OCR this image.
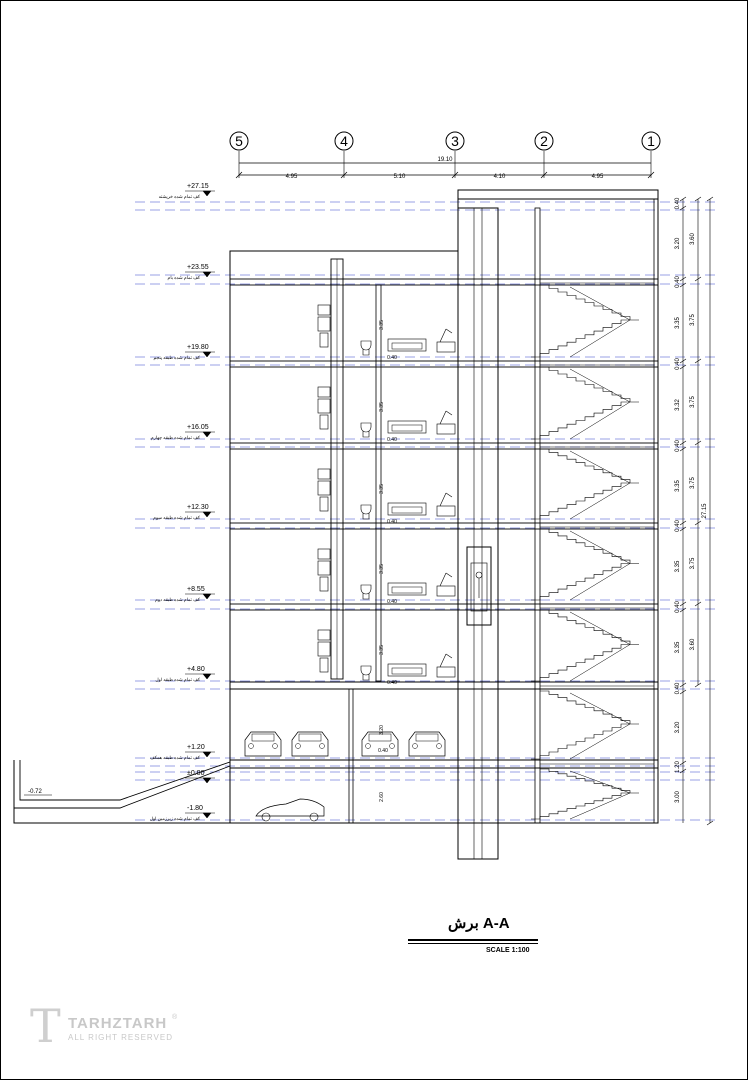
5	4	3	2	1
19.10
4.95	5.10	4.10	4.95
-0.72
3.35
0.40
3.35
0.40
3.35
0.40
3.35
0.40
3.35
0.40
0.40
3.20
2.60
+27.15
کف تمام شده خرپشته
+23.55
کف تمام شده بام
+19.80
کف تمام شده طبقه پنجم
+16.05
کف تمام شده طبقه چهارم
+12.30
کف تمام شده طبقه سوم
+8.55
کف تمام شده طبقه دوم
+4.80
کف تمام شده طبقه اول
+1.20
کف تمام شده طبقه همکف
±0.00
-1.80
کف تمام شده زیرزمین اول
0.40
3.20
0.40
3.35
0.40
3.32
0.40
3.35
0.40
3.35
0.40
3.35
0.40
3.20
1.20
3.00
3.60
3.75
3.75
3.75
3.75
3.60
27.15
برش A-A
SCALE 1:100
T TARHZTARH ®
ALL RIGHT RESERVED
